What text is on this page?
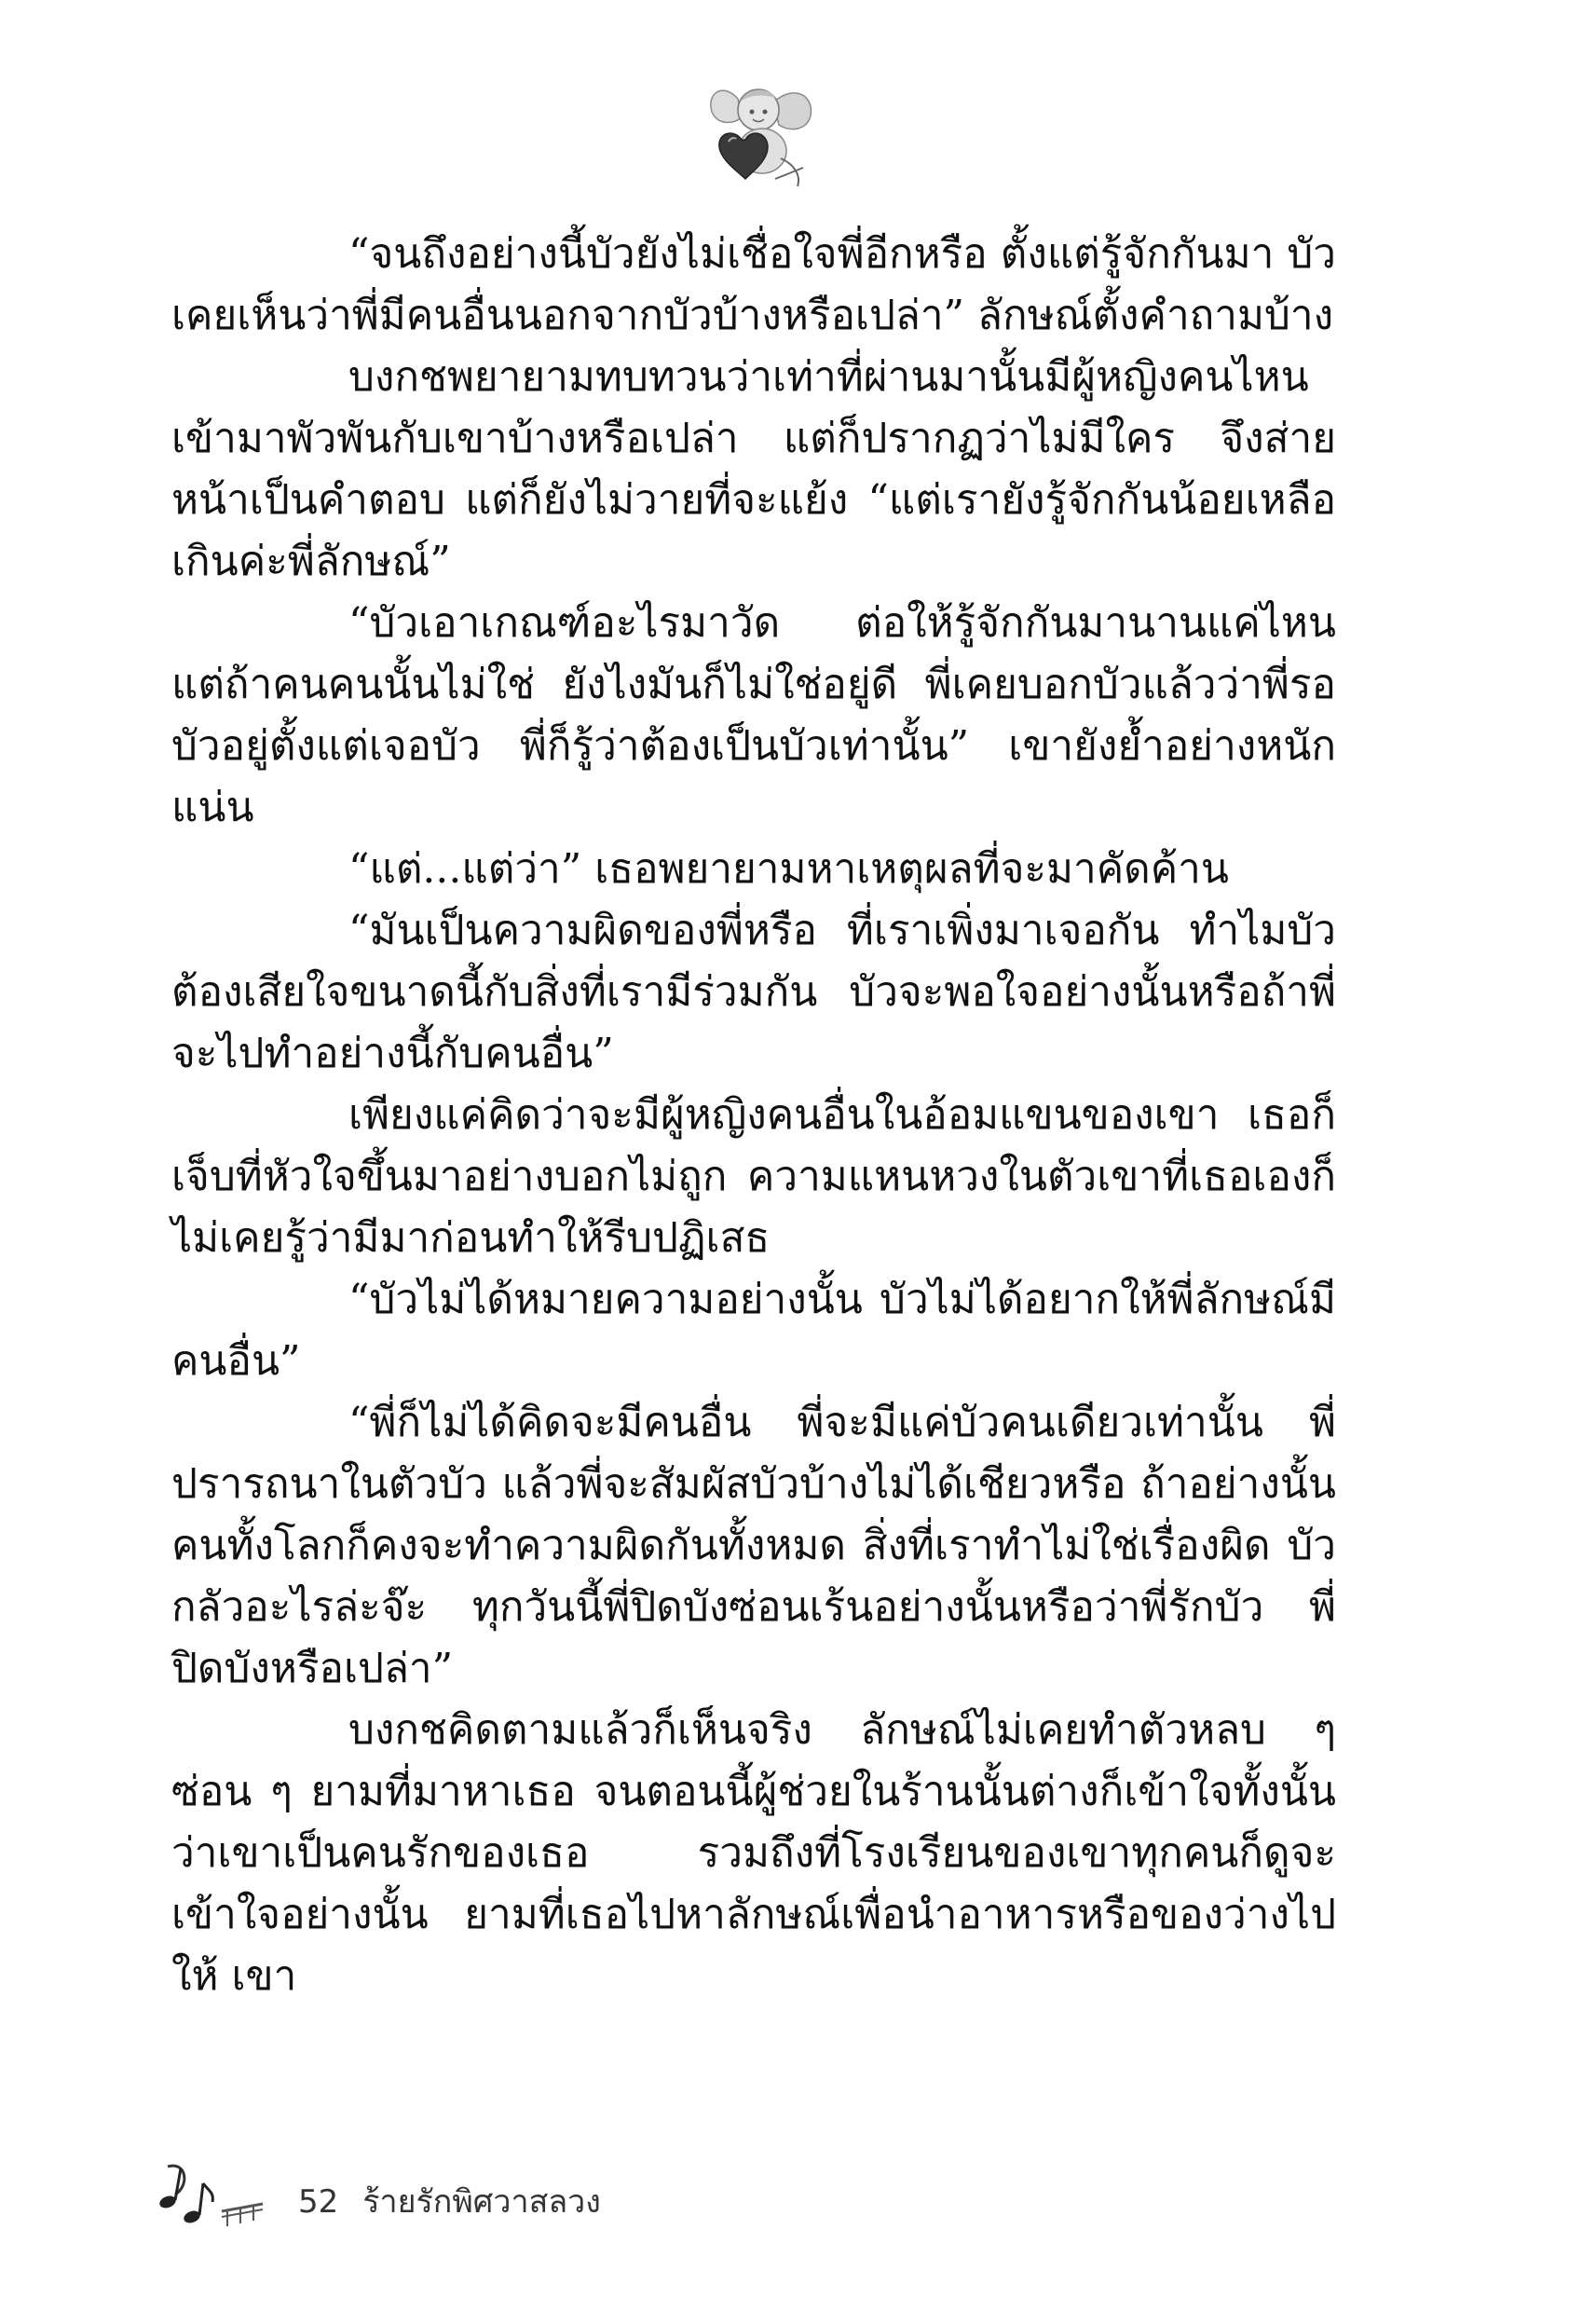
“จนถึงอย่างนี้บัวยังไม่เชื่อใจพี่อีกหรือ ตั้งแต่รู้จักกันมา บัวเคยเห็นว่าพี่มีคนอื่นนอกจากบัวบ้างหรือเปล่า” ลักษณ์ตั้งคำถามบ้าง

บงกชพยายามทบทวนว่าเท่าที่ผ่านมานั้นมีผู้หญิงคนไหนเข้ามาพัวพันกับเขาบ้างหรือเปล่า แต่ก็ปรากฏว่าไม่มีใคร จึงส่ายหน้าเป็นคำตอบ แต่ก็ยังไม่วายที่จะแย้ง “แต่เรายังรู้จักกันน้อยเหลือเกินค่ะพี่ลักษณ์”

“บัวเอาเกณฑ์อะไรมาวัด ต่อให้รู้จักกันมานานแค่ไหน แต่ถ้าคนคนนั้นไม่ใช่ ยังไงมันก็ไม่ใช่อยู่ดี พี่เคยบอกบัวแล้วว่าพี่รอบัวอยู่ตั้งแต่เจอบัว พี่ก็รู้ว่าต้องเป็นบัวเท่านั้น” เขายังย้ำอย่างหนักแน่น

“แต่...แต่ว่า” เธอพยายามหาเหตุผลที่จะมาคัดค้าน

“มันเป็นความผิดของพี่หรือ ที่เราเพิ่งมาเจอกัน ทำไมบัวต้องเสียใจขนาดนี้กับสิ่งที่เรามีร่วมกัน บัวจะพอใจอย่างนั้นหรือถ้าพี่จะไปทำอย่างนี้กับคนอื่น”

เพียงแค่คิดว่าจะมีผู้หญิงคนอื่นในอ้อมแขนของเขา เธอก็เจ็บที่หัวใจขึ้นมาอย่างบอกไม่ถูก ความแหนหวงในตัวเขาที่เธอเองก็ไม่เคยรู้ว่ามีมาก่อนทำให้รีบปฏิเสธ

“บัวไม่ได้หมายความอย่างนั้น บัวไม่ได้อยากให้พี่ลักษณ์มีคนอื่น”

“พี่ก็ไม่ได้คิดจะมีคนอื่น พี่จะมีแค่บัวคนเดียวเท่านั้น พี่ปรารถนาในตัวบัว แล้วพี่จะสัมผัสบัวบ้างไม่ได้เชียวหรือ ถ้าอย่างนั้นคนทั้งโลกก็คงจะทำความผิดกันทั้งหมด สิ่งที่เราทำไม่ใช่เรื่องผิด บัวกลัวอะไรล่ะจ๊ะ ทุกวันนี้พี่ปิดบังซ่อนเร้นอย่างนั้นหรือว่าพี่รักบัว พี่ปิดบังหรือเปล่า”

บงกชคิดตามแล้วก็เห็นจริง ลักษณ์ไม่เคยทำตัวหลบ ๆ ซ่อน ๆ ยามที่มาหาเธอ จนตอนนี้ผู้ช่วยในร้านนั้นต่างก็เข้าใจทั้งนั้นว่าเขาเป็นคนรักของเธอ รวมถึงที่โรงเรียนของเขาทุกคนก็ดูจะเข้าใจอย่างนั้น ยามที่เธอไปหาลักษณ์เพื่อนำอาหารหรือของว่างไปให้ เขา

52 ร้ายรักพิศวาสลวง
